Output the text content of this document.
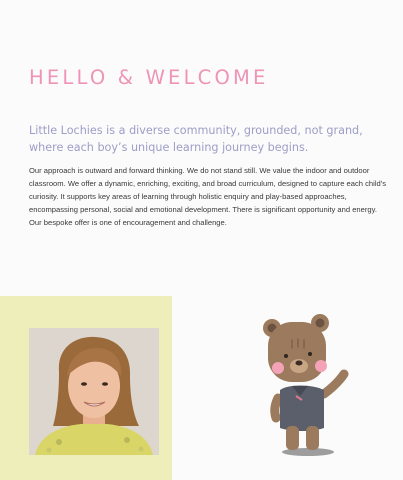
HELLO & WELCOME

Little Lochies is a diverse community, grounded, not grand, where each boy’s unique learning journey begins.

Our approach is outward and forward thinking. We do not stand still. We value the indoor and outdoor classroom. We offer a dynamic, enriching, exciting, and broad curriculum, designed to capture each child’s curiosity. It supports key areas of learning through holistic enquiry and play-based approaches, encompassing personal, social and emotional development. There is significant opportunity and energy. Our bespoke offer is one of encouragement and challenge.
